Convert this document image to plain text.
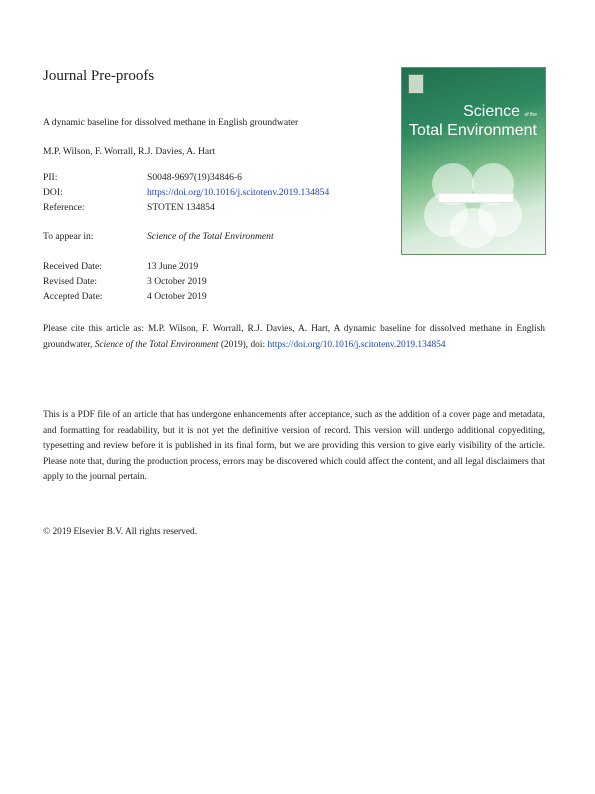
Journal Pre-proofs
A dynamic baseline for dissolved methane in English groundwater
M.P. Wilson, F. Worrall, R.J. Davies, A. Hart
PII:	S0048-9697(19)34846-6
DOI:	https://doi.org/10.1016/j.scitotenv.2019.134854
Reference:	STOTEN 134854
To appear in:	Science of the Total Environment
Received Date:	13 June 2019
Revised Date:	3 October 2019
Accepted Date:	4 October 2019
Please cite this article as: M.P. Wilson, F. Worrall, R.J. Davies, A. Hart, A dynamic baseline for dissolved methane in English groundwater, Science of the Total Environment (2019), doi: https://doi.org/10.1016/j.scitotenv.2019.134854
This is a PDF file of an article that has undergone enhancements after acceptance, such as the addition of a cover page and metadata, and formatting for readability, but it is not yet the definitive version of record. This version will undergo additional copyediting, typesetting and review before it is published in its final form, but we are providing this version to give early visibility of the article. Please note that, during the production process, errors may be discovered which could affect the content, and all legal disclaimers that apply to the journal pertain.
© 2019 Elsevier B.V. All rights reserved.
Science of the
Total Environment
